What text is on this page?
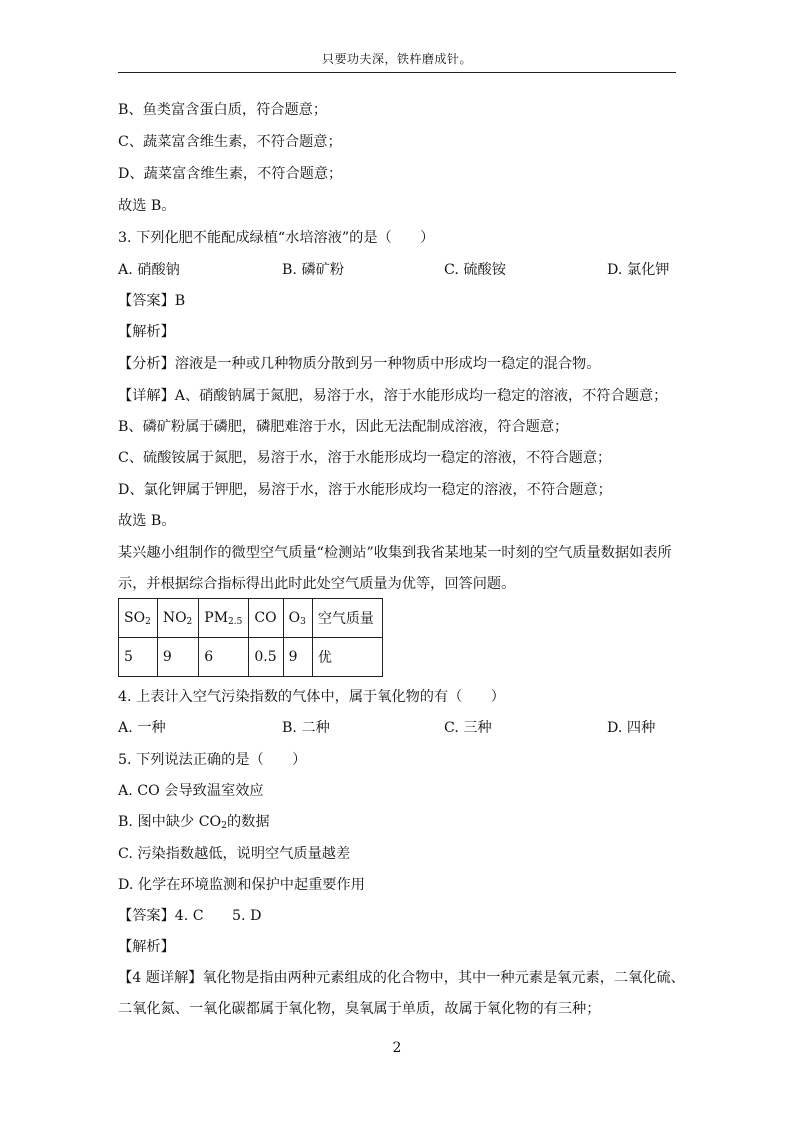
只要功夫深，铁杵磨成针。
B、鱼类富含蛋白质，符合题意；
C、蔬菜富含维生素，不符合题意；
D、蔬菜富含维生素，不符合题意；
故选 B。
3. 下列化肥不能配成绿植“水培溶液”的是（　　）
A. 硝酸钠	B. 磷矿粉	C. 硫酸铵	D. 氯化钾
【答案】B
【解析】
【分析】溶液是一种或几种物质分散到另一种物质中形成均一稳定的混合物。
【详解】A、硝酸钠属于氮肥，易溶于水，溶于水能形成均一稳定的溶液，不符合题意；
B、磷矿粉属于磷肥，磷肥难溶于水，因此无法配制成溶液，符合题意；
C、硫酸铵属于氮肥，易溶于水，溶于水能形成均一稳定的溶液，不符合题意；
D、氯化钾属于钾肥，易溶于水，溶于水能形成均一稳定的溶液，不符合题意；
故选 B。
某兴趣小组制作的微型空气质量“检测站”收集到我省某地某一时刻的空气质量数据如表所
示，并根据综合指标得出此时此处空气质量为优等，回答问题。
$SO_2$	$NO_2$	$PM_{2.5}$	CO	$O_3$	空气质量
5	9	6	0.5	9	优
4. 上表计入空气污染指数的气体中，属于氧化物的有（　　）
A. 一种	B. 二种	C. 三种	D. 四种
5. 下列说法正确的是（　　）
A. CO 会导致温室效应
B. 图中缺少 $CO_2$的数据
C. 污染指数越低，说明空气质量越差
D. 化学在环境监测和保护中起重要作用
【答案】4. C　　5. D
【解析】
【4 题详解】氧化物是指由两种元素组成的化合物中，其中一种元素是氧元素，二氧化硫、
二氧化氮、一氧化碳都属于氧化物，臭氧属于单质，故属于氧化物的有三种；
2
